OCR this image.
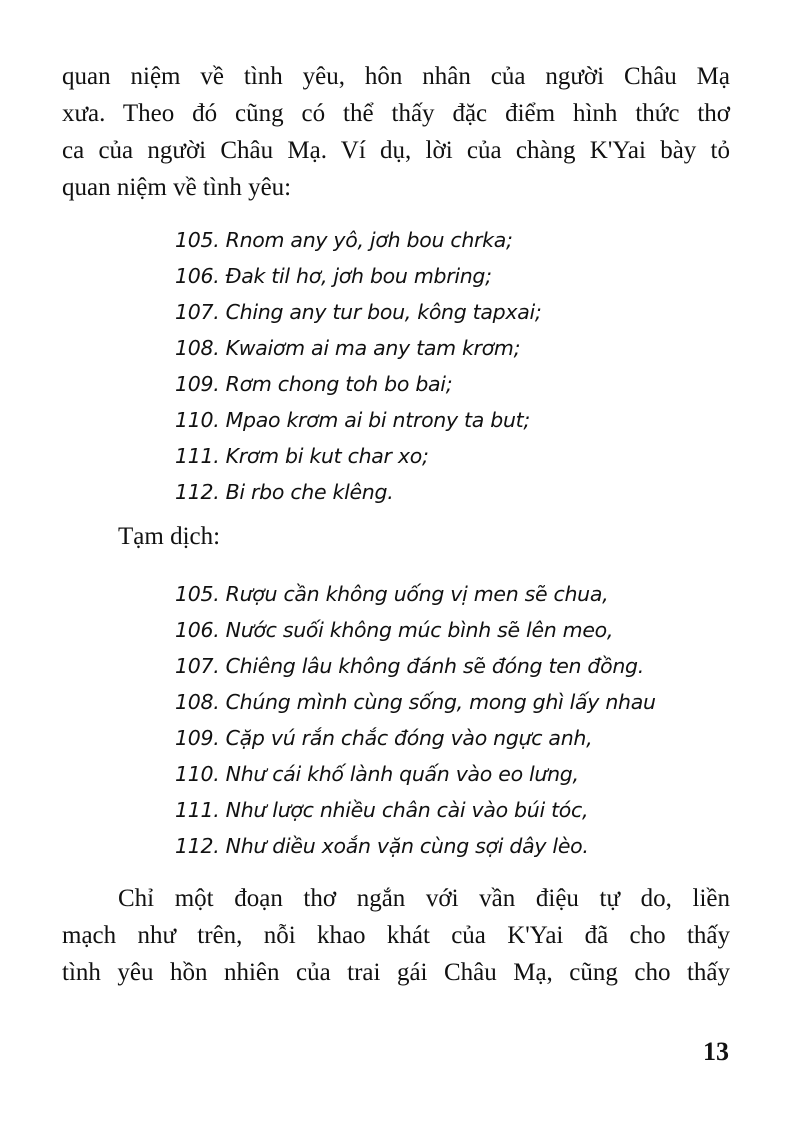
quan niệm về tình yêu, hôn nhân của người Châu Mạ
xưa. Theo đó cũng có thể thấy đặc điểm hình thức thơ
ca của người Châu Mạ. Ví dụ, lời của chàng K'Yai bày tỏ
quan niệm về tình yêu:

105. Rnom any yô, jơh bou chrka;
106. Đak til hơ, jơh bou mbring;
107. Ching any tur bou, kông tapxai;
108. Kwaiơm ai ma any tam krơm;
109. Rơm chong toh bo bai;
110. Mpao krơm ai bi ntrony ta but;
111. Krơm bi kut char xo;
112. Bi rbo che klêng.

Tạm dịch:

105. Rượu cần không uống vị men sẽ chua,
106. Nước suối không múc bình sẽ lên meo,
107. Chiêng lâu không đánh sẽ đóng ten đồng.
108. Chúng mình cùng sống, mong ghì lấy nhau
109. Cặp vú rắn chắc đóng vào ngực anh,
110. Như cái khố lành quấn vào eo lưng,
111. Như lược nhiều chân cài vào búi tóc,
112. Như diều xoắn vặn cùng sợi dây lèo.

Chỉ một đoạn thơ ngắn với vần điệu tự do, liền
mạch như trên, nỗi khao khát của K'Yai đã cho thấy
tình yêu hồn nhiên của trai gái Châu Mạ, cũng cho thấy

13
